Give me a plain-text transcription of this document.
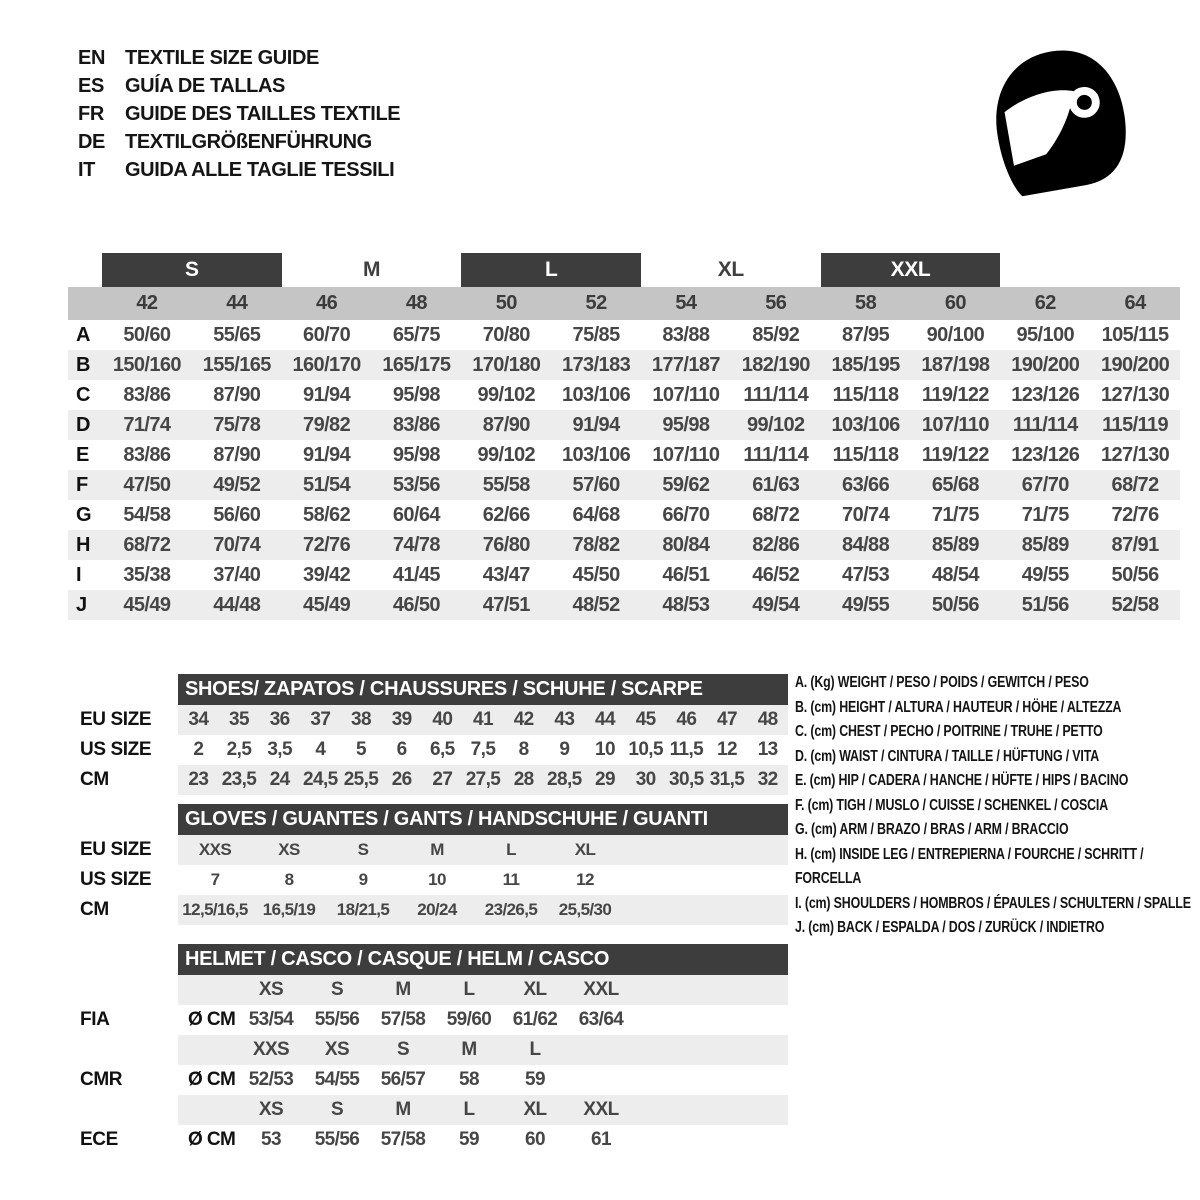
EN	TEXTILE SIZE GUIDE
ES	GUÍA DE TALLAS
FR	GUIDE DES TAILLES TEXTILE
DE	TEXTILGRÖßENFÜHRUNG
IT	GUIDA ALLE TAGLIE TESSILI
S	M	L	XL	XXL
42	44	46	48	50	52	54	56	58	60	62	64
A	50/60	55/65	60/70	65/75	70/80	75/85	83/88	85/92	87/95	90/100	95/100	105/115
B	150/160	155/165	160/170	165/175	170/180	173/183	177/187	182/190	185/195	187/198	190/200	190/200
C	83/86	87/90	91/94	95/98	99/102	103/106	107/110	111/114	115/118	119/122	123/126	127/130
D	71/74	75/78	79/82	83/86	87/90	91/94	95/98	99/102	103/106	107/110	111/114	115/119
E	83/86	87/90	91/94	95/98	99/102	103/106	107/110	111/114	115/118	119/122	123/126	127/130
F	47/50	49/52	51/54	53/56	55/58	57/60	59/62	61/63	63/66	65/68	67/70	68/72
G	54/58	56/60	58/62	60/64	62/66	64/68	66/70	68/72	70/74	71/75	71/75	72/76
H	68/72	70/74	72/76	74/78	76/80	78/82	80/84	82/86	84/88	85/89	85/89	87/91
I	35/38	37/40	39/42	41/45	43/47	45/50	46/51	46/52	47/53	48/54	49/55	50/56
J	45/49	44/48	45/49	46/50	47/51	48/52	48/53	49/54	49/55	50/56	51/56	52/58
SHOES/ ZAPATOS / CHAUSSURES / SCHUHE / SCARPE
EU SIZE	34	35	36	37	38	39	40	41	42	43	44	45	46	47	48
US SIZE	2	2,5 3,5	4	5	6	6,5 7,5	8	9	10 10,5 11,5 12	13
CM	23 23,5 24 24,5 25,5 26	27 27,5 28 28,5 29	30 30,5 31,5 32
GLOVES / GUANTES / GANTS / HANDSCHUHE / GUANTI
EU SIZE	XXS	XS	S	M	L	XL
US SIZE	7	8	9	10	11	12
CM	12,5/16,5 16,5/19	18/21,5	20/24	23/26,5	25,5/30
HELMET / CASCO / CASQUE / HELM / CASCO
XS	S	M	L	XL	XXL
FIA	Ø CM 53/54	55/56	57/58	59/60	61/62	63/64
XXS	XS	S	M	L
CMR	Ø CM 52/53	54/55	56/57	58	59
XS	S	M	L	XL	XXL
ECE	Ø CM	53	55/56	57/58	59	60	61
A. (Kg) WEIGHT / PESO / POIDS / GEWITCH / PESO
B. (cm) HEIGHT / ALTURA / HAUTEUR / HÖHE / ALTEZZA
C. (cm) CHEST / PECHO / POITRINE / TRUHE / PETTO
D. (cm) WAIST / CINTURA / TAILLE / HÜFTUNG / VITA
E. (cm) HIP / CADERA / HANCHE / HÜFTE / HIPS / BACINO
F. (cm) TIGH / MUSLO / CUISSE / SCHENKEL / COSCIA
G. (cm) ARM / BRAZO / BRAS / ARM / BRACCIO
H. (cm) INSIDE LEG / ENTREPIERNA / FOURCHE / SCHRITT / FORCELLA
I. (cm) SHOULDERS / HOMBROS / ÉPAULES / SCHULTERN / SPALLE
J. (cm) BACK / ESPALDA / DOS / ZURÜCK / INDIETRO
